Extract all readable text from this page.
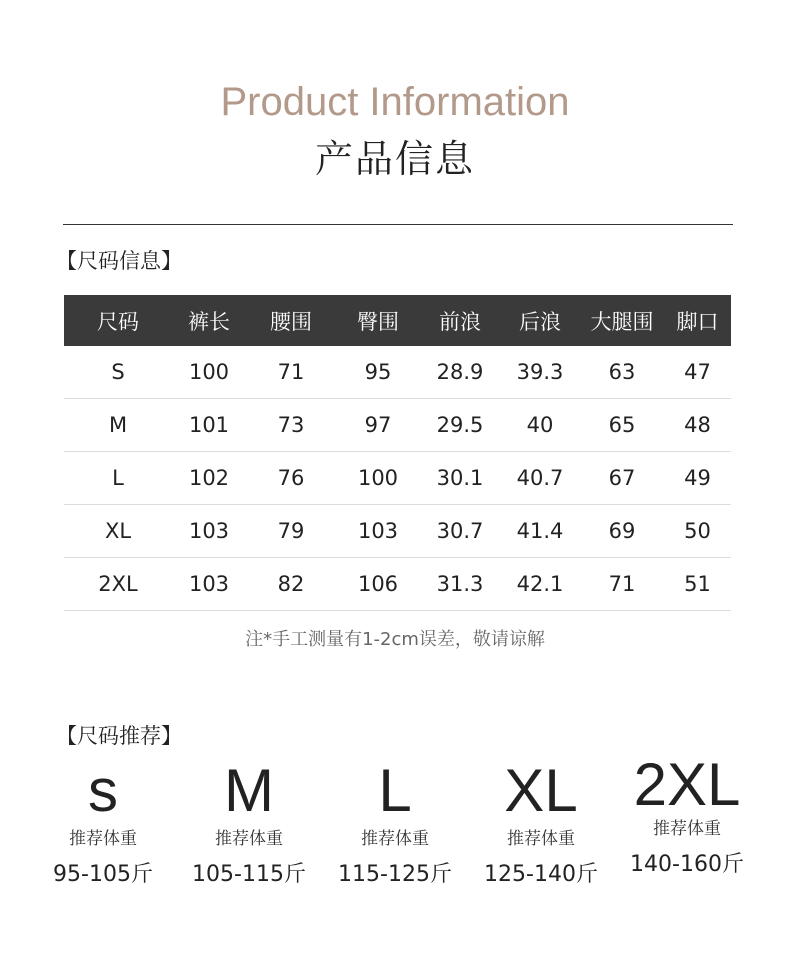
Product Information
产品信息
【尺码信息】
尺码	裤长	腰围	臀围	前浪	后浪	大腿围	脚口
S	100	71	95	28.9	39.3	63	47
M	101	73	97	29.5	40	65	48
L	102	76	100	30.1	40.7	67	49
XL	103	79	103	30.7	41.4	69	50
2XL	103	82	106	31.3	42.1	71	51
注*手工测量有1-2cm误差，敬请谅解
【尺码推荐】
s
推荐体重
95-105斤
M
推荐体重
105-115斤
L
推荐体重
115-125斤
XL
推荐体重
125-140斤
2XL
推荐体重
140-160斤
